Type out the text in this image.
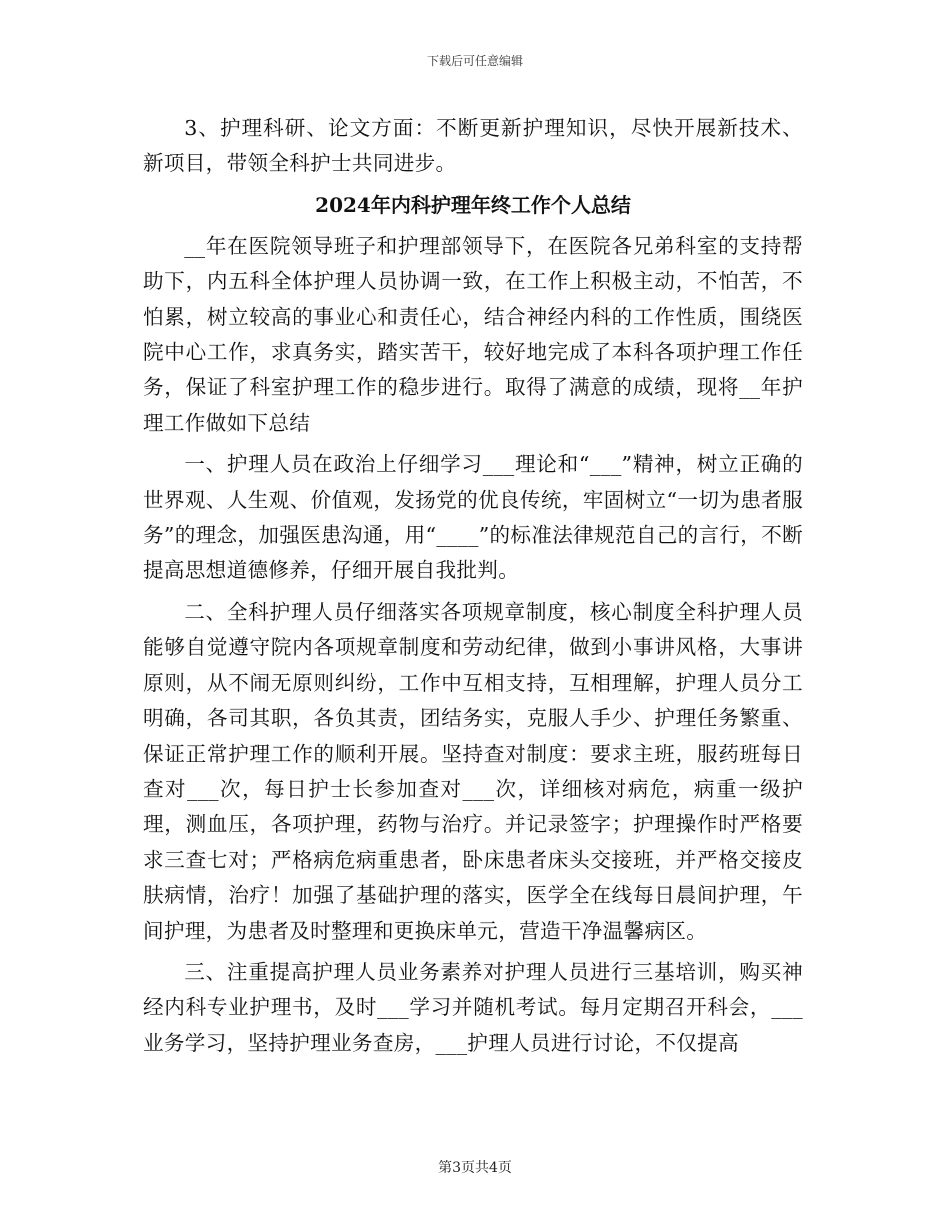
下载后可任意编辑

3、护理科研、论文方面：不断更新护理知识，尽快开展新技术、新项目，带领全科护士共同进步。

2024年内科护理年终工作个人总结

__年在医院领导班子和护理部领导下，在医院各兄弟科室的支持帮助下，内五科全体护理人员协调一致，在工作上积极主动，不怕苦，不怕累，树立较高的事业心和责任心，结合神经内科的工作性质，围绕医院中心工作，求真务实，踏实苦干，较好地完成了本科各项护理工作任务，保证了科室护理工作的稳步进行。取得了满意的成绩，现将__年护理工作做如下总结

一、护理人员在政治上仔细学习___理论和“___”精神，树立正确的世界观、人生观、价值观，发扬党的优良传统，牢固树立“一切为患者服务”的理念，加强医患沟通，用“____”的标准法律规范自己的言行，不断提高思想道德修养，仔细开展自我批判。

二、全科护理人员仔细落实各项规章制度，核心制度全科护理人员能够自觉遵守院内各项规章制度和劳动纪律，做到小事讲风格，大事讲原则，从不闹无原则纠纷，工作中互相支持，互相理解，护理人员分工明确，各司其职，各负其责，团结务实，克服人手少、护理任务繁重、保证正常护理工作的顺利开展。坚持查对制度：要求主班，服药班每日查对___次，每日护士长参加查对___次，详细核对病危，病重一级护理，测血压，各项护理，药物与治疗。并记录签字；护理操作时严格要求三查七对；严格病危病重患者，卧床患者床头交接班，并严格交接皮肤病情，治疗！加强了基础护理的落实，医学全在线每日晨间护理，午间护理，为患者及时整理和更换床单元，营造干净温馨病区。

三、注重提高护理人员业务素养对护理人员进行三基培训，购买神经内科专业护理书，及时___学习并随机考试。每月定期召开科会，___业务学习，坚持护理业务查房，___护理人员进行讨论，不仅提高

第3页共4页
